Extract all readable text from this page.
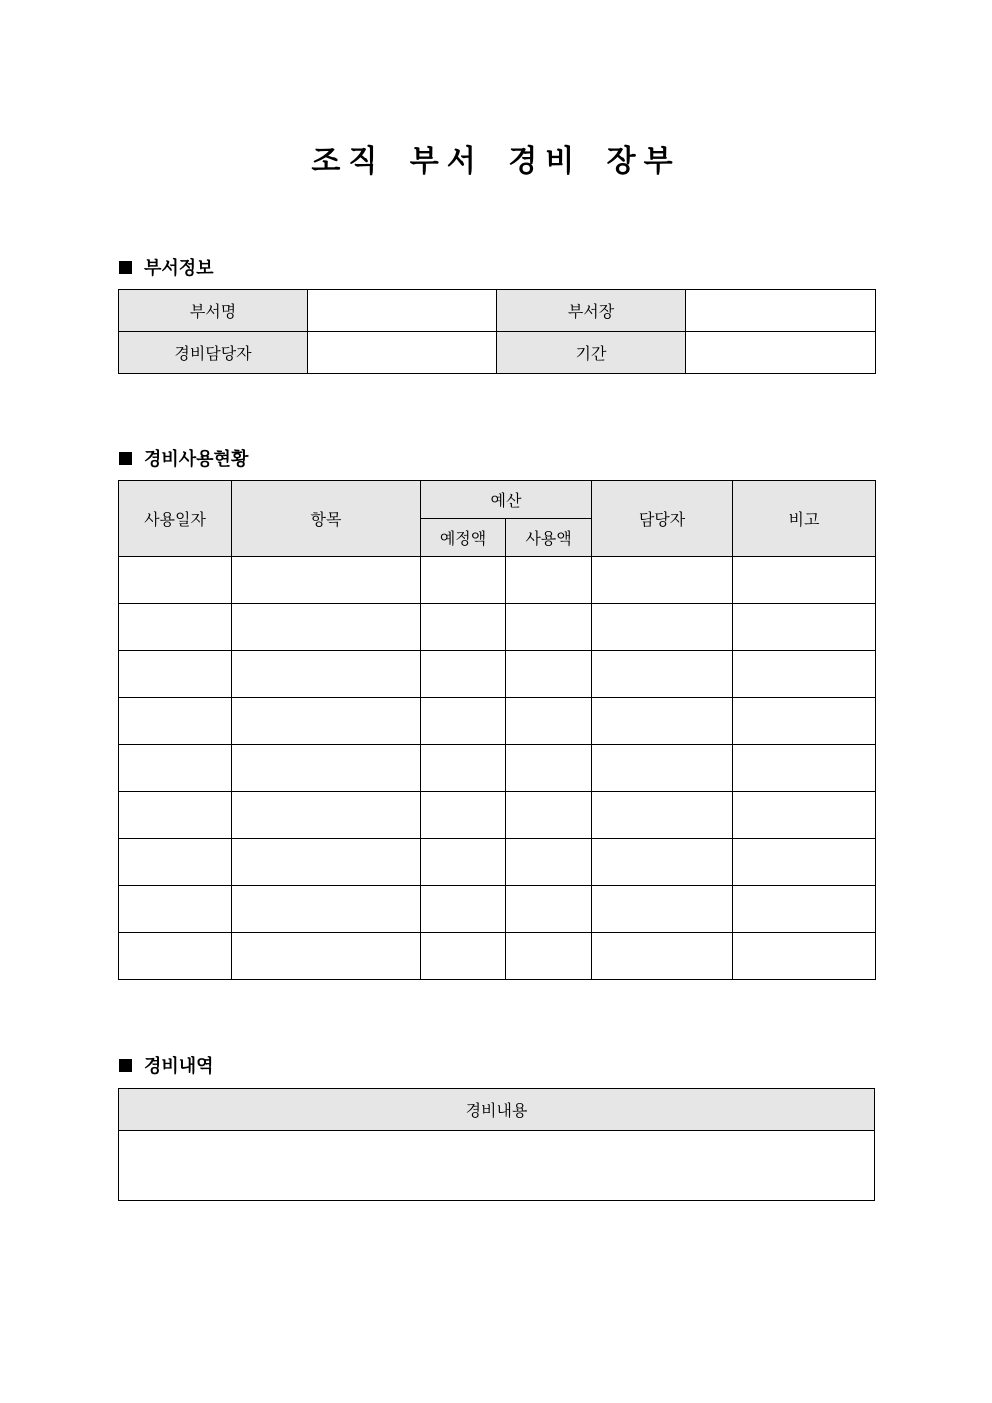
조직 부서 경비 장부
부서정보
부서명		부서장	
경비담당자		기간	
경비사용현황
사용일자	항목	예산		담당자	비고
		예정액	사용액		

경비내역
경비내용
